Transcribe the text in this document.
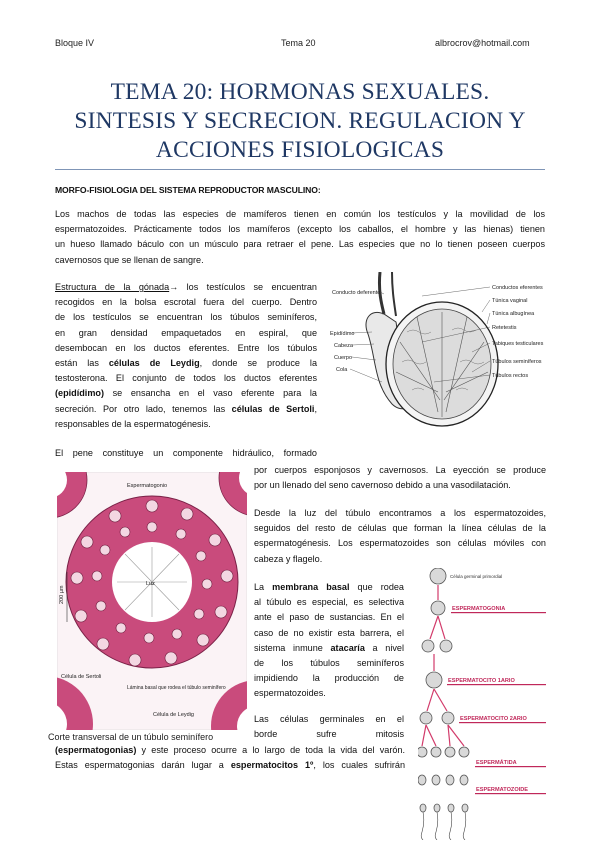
Bloque IV	Tema 20	albrocrov@hotmail.com
TEMA 20: HORMONAS SEXUALES.
SINTESIS Y SECRECION. REGULACION Y
ACCIONES FISIOLOGICAS
MORFO-FISIOLOGIA DEL SISTEMA REPRODUCTOR MASCULINO:
Los machos de todas las especies de mamíferos tienen en común los testículos y la movilidad de los
espermatozoides. Prácticamente todos los mamíferos (excepto los caballos, el hombre y las hienas) tienen
un hueso llamado báculo con un músculo para retraer el pene. Las especies que no lo tienen poseen cuerpos
cavernosos que se llenan de sangre.
Estructura de la gónada→ los testículos se encuentran
recogidos en la bolsa escrotal fuera del cuerpo. Dentro
de los testículos se encuentran los túbulos seminíferos,
en gran densidad empaquetados en espiral, que
desembocan en los ductos eferentes. Entre los túbulos
están las células de Leydig, donde se produce la
testosterona. El conjunto de todos los ductos eferentes
(epidídimo) se ensancha en el vaso eferente para la
secreción. Por otro lado, tenemos las células de Sertoli,
responsables de la espermatogénesis.
El pene constituye un componente hidráulico, formado
por cuerpos esponjosos y cavernosos. La eyección se produce
por un llenado del seno cavernoso debido a una vasodilatación.
Desde la luz del túbulo encontramos a los espermatozoides,
seguidos del resto de células que forman la línea células de la
espermatogénesis. Los espermatozoides son células móviles con
cabeza y flagelo.
La membrana basal que rodea
al túbulo es especial, es selectiva
ante el paso de sustancias. En el
caso de no existir esta barrera, el
sistema inmune atacaría a nivel
de los túbulos seminíferos
impidiendo la producción de
espermatozoides.
Las células germinales en el
borde sufre mitosis
(espermatogonias) y este proceso ocurre a lo largo de toda la vida del varón.
Estas espermatogonias darán lugar a espermatocitos 1º, los cuales sufrirán
Conducto deferente
Epidídimo
Cabeza
Cuerpo
Cola
Conductos eferentes
Túnica vaginal
Túnica albugínea
Retetestis
Tabiques testiculares
Túbulos seminíferos
Túbulos rectos
Espermatogonio
Luz
200 µm
Célula de Sertoli
Lámina basal que rodea el túbulo seminífero
Célula de Leydig
Corte transversal de un túbulo seminífero
Célula germinal primordial
ESPERMATOGONIA
ESPERMATOCITO 1ARIO
ESPERMATOCITO 2ARIO
ESPERMÁTIDA
ESPERMATOZOIDE
